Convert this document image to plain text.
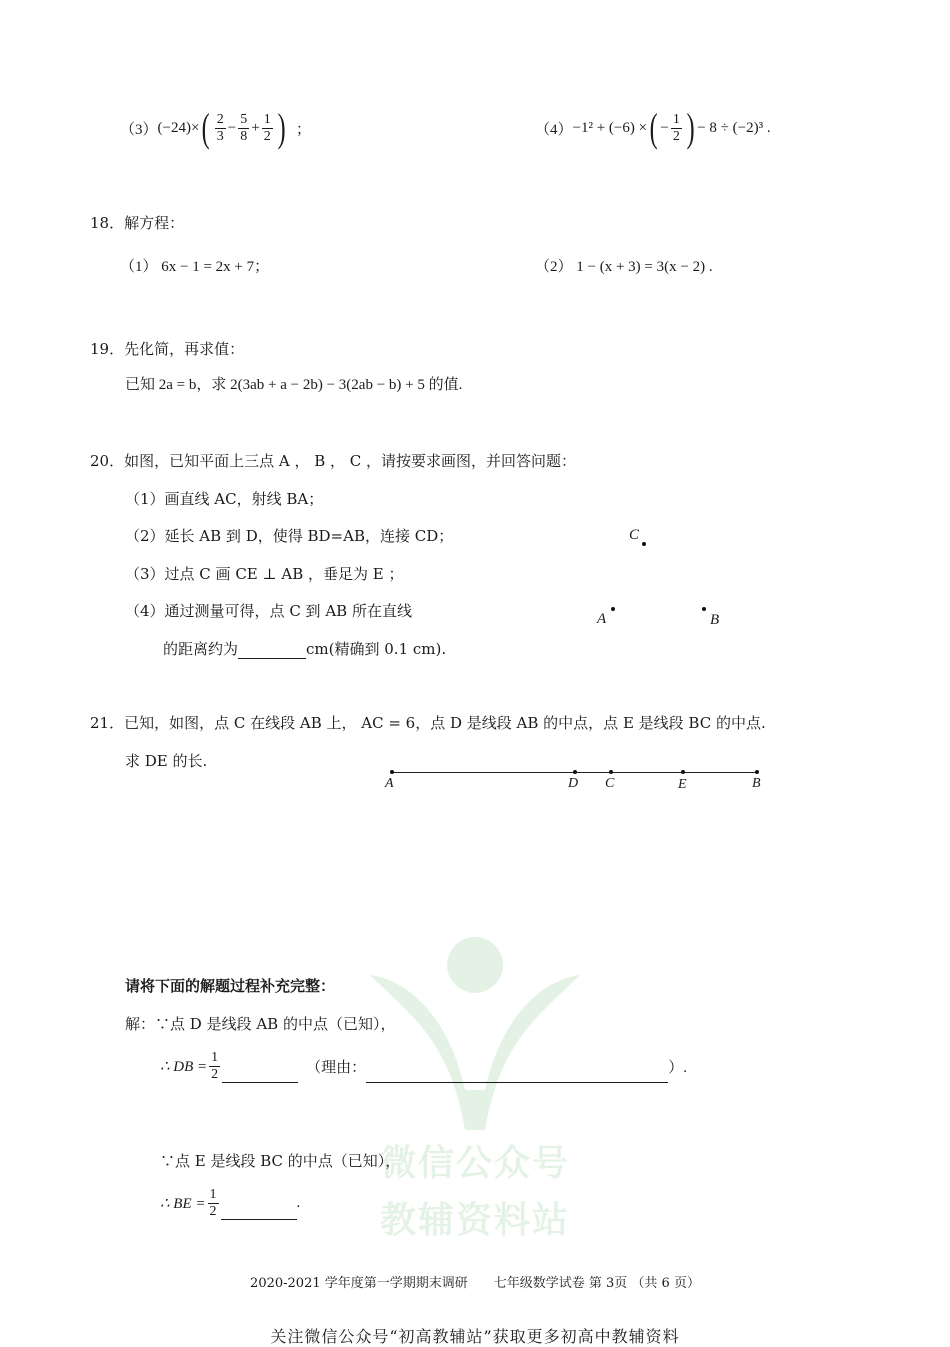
微信公众号
教辅资料站
（3） (−24)× ( $\frac{2}{3} - \frac{5}{8} + \frac{1}{2}$ ) ；	（4） −1² + (−6) × ( − $\frac{1}{2}$ ) − 8 ÷ (−2)³ .
18．解方程：
（1） 6x − 1 = 2x + 7；	（2） 1 − (x + 3) = 3(x − 2) .
19．先化简，再求值：
已知 2a = b，求 2(3ab + a − 2b) − 3(2ab − b) + 5 的值.
20．如图，已知平面上三点 A ， B ， C ，请按要求画图，并回答问题：
（1）画直线 AC，射线 BA；
（2）延长 AB 到 D，使得 BD=AB，连接 CD；
（3）过点 C 画 CE ⊥ AB ，垂足为 E ；
（4）通过测量可得，点 C 到 AB 所在直线
的距离约为	cm(精确到 0.1 cm).
C
A	B
21．已知，如图，点 C 在线段 AB 上， AC = 6，点 D 是线段 AB 的中点，点 E 是线段 BC 的中点.
求 DE 的长.
A	D C	E	B
请将下面的解题过程补充完整：
解：∵点 D 是线段 AB 的中点（已知），
∴ DB = $\frac{1}{2}$
	（理由：
	）.
∵点 E 是线段 BC 的中点（已知），
∴ BE = $\frac{1}{2}$
	.
2020-2021 学年度第一学期期末调研　　七年级数学试卷 第 3页 （共 6 页）
关注微信公众号“初高教辅站”获取更多初高中教辅资料
